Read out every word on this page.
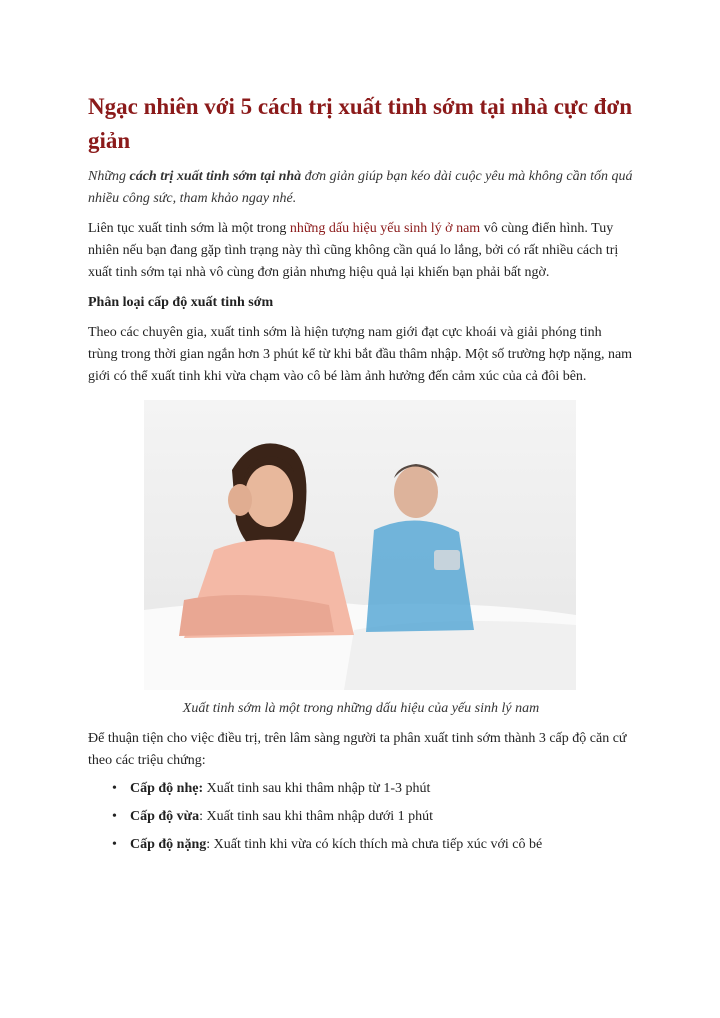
Ngạc nhiên với 5 cách trị xuất tinh sớm tại nhà cực đơn giản

Những cách trị xuất tinh sớm tại nhà đơn giản giúp bạn kéo dài cuộc yêu mà không cần tốn quá nhiều công sức, tham khảo ngay nhé.

Liên tục xuất tinh sớm là một trong những dấu hiệu yếu sinh lý ở nam vô cùng điển hình. Tuy nhiên nếu bạn đang gặp tình trạng này thì cũng không cần quá lo lắng, bởi có rất nhiều cách trị xuất tinh sớm tại nhà vô cùng đơn giản nhưng hiệu quả lại khiến bạn phải bất ngờ.

Phân loại cấp độ xuất tinh sớm

Theo các chuyên gia, xuất tinh sớm là hiện tượng nam giới đạt cực khoái và giải phóng tinh trùng trong thời gian ngắn hơn 3 phút kể từ khi bắt đầu thâm nhập. Một số trường hợp nặng, nam giới có thể xuất tinh khi vừa chạm vào cô bé làm ảnh hưởng đến cảm xúc của cả đôi bên.

Xuất tinh sớm là một trong những dấu hiệu của yếu sinh lý nam

Để thuận tiện cho việc điều trị, trên lâm sàng người ta phân xuất tinh sớm thành 3 cấp độ căn cứ theo các triệu chứng:

• Cấp độ nhẹ: Xuất tinh sau khi thâm nhập từ 1-3 phút
• Cấp độ vừa: Xuất tinh sau khi thâm nhập dưới 1 phút
• Cấp độ nặng: Xuất tinh khi vừa có kích thích mà chưa tiếp xúc với cô bé
